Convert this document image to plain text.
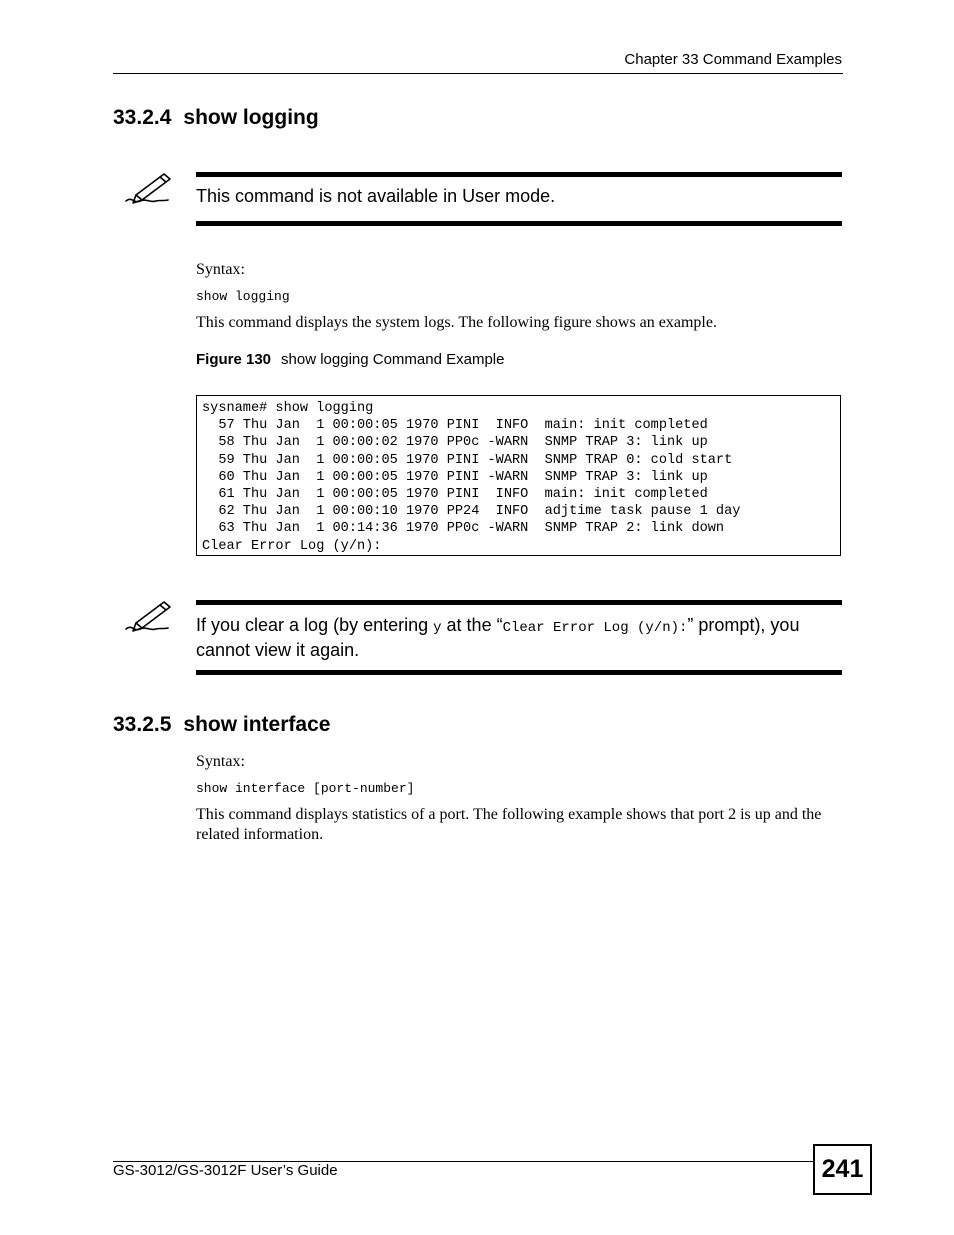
Chapter 33 Command Examples
33.2.4 show logging
This command is not available in User mode.
Syntax:
show logging
This command displays the system logs. The following figure shows an example.
Figure 130 show logging Command Example
sysname# show logging
57 Thu Jan  1 00:00:05 1970 PINI  INFO  main: init completed
58 Thu Jan  1 00:00:02 1970 PP0c -WARN  SNMP TRAP 3: link up
59 Thu Jan  1 00:00:05 1970 PINI -WARN  SNMP TRAP 0: cold start
60 Thu Jan  1 00:00:05 1970 PINI -WARN  SNMP TRAP 3: link up
61 Thu Jan  1 00:00:05 1970 PINI  INFO  main: init completed
62 Thu Jan  1 00:00:10 1970 PP24  INFO  adjtime task pause 1 day
63 Thu Jan  1 00:14:36 1970 PP0c -WARN  SNMP TRAP 2: link down
Clear Error Log (y/n):
If you clear a log (by entering y at the “Clear Error Log (y/n):” prompt), you cannot view it again.
33.2.5 show interface
Syntax:
show interface [port-number]
This command displays statistics of a port. The following example shows that port 2 is up and the related information.
GS-3012/GS-3012F User’s Guide	241
